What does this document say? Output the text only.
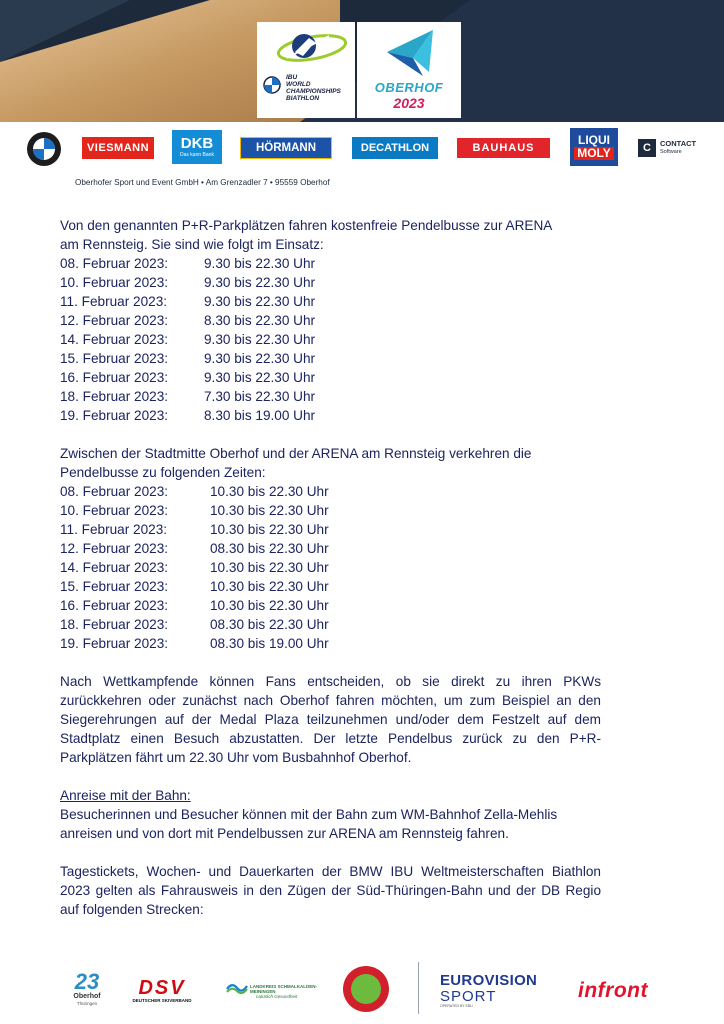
IBU
WORLD
CHAMPIONSHIPS
BIATHLON
OBERHOF
2023
VIESMANN DKB
Das kann Bank
HÖRMANN	DECATHLON	BAUHAUS
LIQUI
MOLY	C	CONTACT
Software
Oberhofer Sport und Event GmbH • Am Grenzadler 7 • 95559 Oberhof

Von den genannten P+R-Parkplätzen fahren kostenfreie Pendelbusse zur ARENA

am Rennsteig. Sie sind wie folgt im Einsatz:

08. Februar 2023:	9.30 bis 22.30 Uhr
10. Februar 2023:	9.30 bis 22.30 Uhr
11. Februar 2023:	9.30 bis 22.30 Uhr
12. Februar 2023:	8.30 bis 22.30 Uhr
14. Februar 2023:	9.30 bis 22.30 Uhr
15. Februar 2023:	9.30 bis 22.30 Uhr
16. Februar 2023:	9.30 bis 22.30 Uhr
18. Februar 2023:	7.30 bis 22.30 Uhr
19. Februar 2023:	8.30 bis 19.00 Uhr

Zwischen der Stadtmitte Oberhof und der ARENA am Rennsteig verkehren die

Pendelbusse zu folgenden Zeiten:

08. Februar 2023:	10.30 bis 22.30 Uhr
10. Februar 2023:	10.30 bis 22.30 Uhr
11. Februar 2023:	10.30 bis 22.30 Uhr
12. Februar 2023:	08.30 bis 22.30 Uhr
14. Februar 2023:	10.30 bis 22.30 Uhr
15. Februar 2023:	10.30 bis 22.30 Uhr
16. Februar 2023:	10.30 bis 22.30 Uhr
18. Februar 2023:	08.30 bis 22.30 Uhr
19. Februar 2023:	08.30 bis 19.00 Uhr

Nach Wettkampfende können Fans entscheiden, ob sie direkt zu ihren PKWs zurückkehren oder zunächst nach Oberhof fahren möchten, um zum Beispiel an den Siegerehrungen auf der Medal Plaza teilzunehmen und/oder dem Festzelt auf dem Stadtplatz einen Besuch abzustatten. Der letzte Pendelbus zurück zu den P+R-Parkplätzen fährt um 22.30 Uhr vom Busbahnhof Oberhof.

Anreise mit der Bahn:

Besucherinnen und Besucher können mit der Bahn zum WM-Bahnhof Zella-Mehlis anreisen und von dort mit Pendelbussen zur ARENA am Rennsteig fahren.

Tagestickets, Wochen- und Dauerkarten der BMW IBU Weltmeisterschaften Biathlon 2023 gelten als Fahrausweis in den Zügen der Süd-Thüringen-Bahn und der DB Regio auf folgenden Strecken:

23
Oberhof
Thüringen
DSV
DEUTSCHER SKIVERBAND
LANDKREIS SCHMALKALDEN-MEININGEN
natürlich Gesundheit
EUROVISION
SPORT
OPERATED BY EBU
infront
